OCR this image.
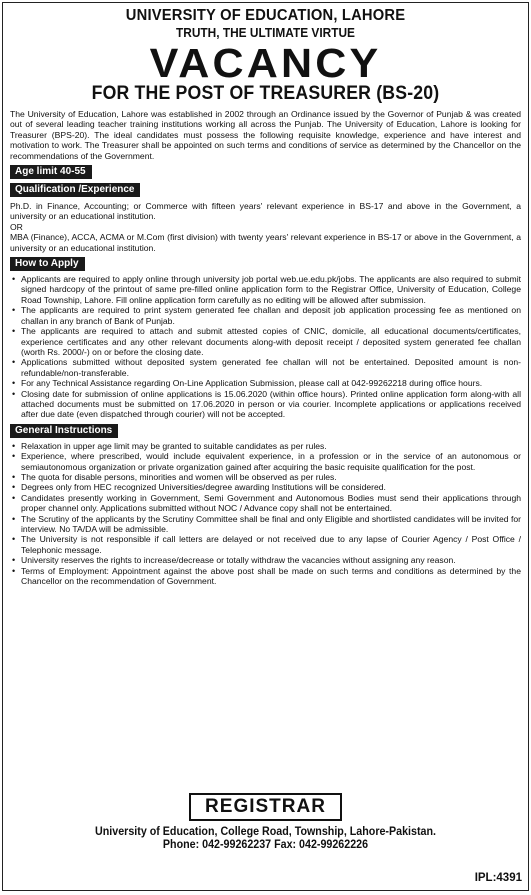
UNIVERSITY OF EDUCATION, LAHORE
TRUTH, THE ULTIMATE VIRTUE
VACANCY
FOR THE POST OF TREASURER (BS-20)

The University of Education, Lahore was established in 2002 through an Ordinance issued by the Governor of Punjab & was created out of several leading teacher training institutions working all across the Punjab. The University of Education, Lahore is looking for Treasurer (BPS-20). The ideal candidates must possess the following requisite knowledge, experience and have interest and motivation to work. The Treasurer shall be appointed on such terms and conditions of service as determined by the Chancellor on the recommendations of the Government.

Age limit 40-55
Qualification /Experience

Ph.D. in Finance, Accounting; or Commerce with fifteen years' relevant experience in BS-17 and above in the Government, a university or an educational institution.

OR

MBA (Finance), ACCA, ACMA or M.Com (first division) with twenty years' relevant experience in BS-17 or above in the Government, a university or an educational institution.

How to Apply
• Applicants are required to apply online through university job portal web.ue.edu.pk/jobs. The applicants are also required to submit signed hardcopy of the printout of same pre-filled online application form to the Registrar Office, University of Education, College Road Township, Lahore. Fill online application form carefully as no editing will be allowed after submission.
• The applicants are required to print system generated fee challan and deposit job application processing fee as mentioned on challan in any branch of Bank of Punjab.
• The applicants are required to attach and submit attested copies of CNIC, domicile, all educational documents/certificates, experience certificates and any other relevant documents along-with deposit receipt / deposited system generated fee challan (worth Rs. 2000/-) on or before the closing date.
• Applications submitted without deposited system generated fee challan will not be entertained. Deposited amount is non-refundable/non-transferable.
• For any Technical Assistance regarding On-Line Application Submission, please call at 042-99262218 during office hours.
• Closing date for submission of online applications is 15.06.2020 (within office hours). Printed online application form along-with all attached documents must be submitted on 17.06.2020 in person or via courier. Incomplete applications or applications received after due date (even dispatched through courier) will not be accepted.
General Instructions
• Relaxation in upper age limit may be granted to suitable candidates as per rules.
• Experience, where prescribed, would include equivalent experience, in a profession or in the service of an autonomous or semiautonomous organization or private organization gained after acquiring the basic requisite qualification for the post.
• The quota for disable persons, minorities and women will be observed as per rules.
• Degrees only from HEC recognized Universities/degree awarding Institutions will be considered.
• Candidates presently working in Government, Semi Government and Autonomous Bodies must send their applications through proper channel only. Applications submitted without NOC / Advance copy shall not be entertained.
• The Scrutiny of the applicants by the Scrutiny Committee shall be final and only Eligible and shortlisted candidates will be invited for interview. No TA/DA will be admissible.
• The University is not responsible if call letters are delayed or not received due to any lapse of Courier Agency / Post Office / Telephonic message.
• University reserves the rights to increase/decrease or totally withdraw the vacancies without assigning any reason.
• Terms of Employment: Appointment against the above post shall be made on such terms and conditions as determined by the Chancellor on the recommendation of Government.
REGISTRAR
University of Education, College Road, Township, Lahore-Pakistan.
Phone: 042-99262237 Fax: 042-99262226
IPL:4391
